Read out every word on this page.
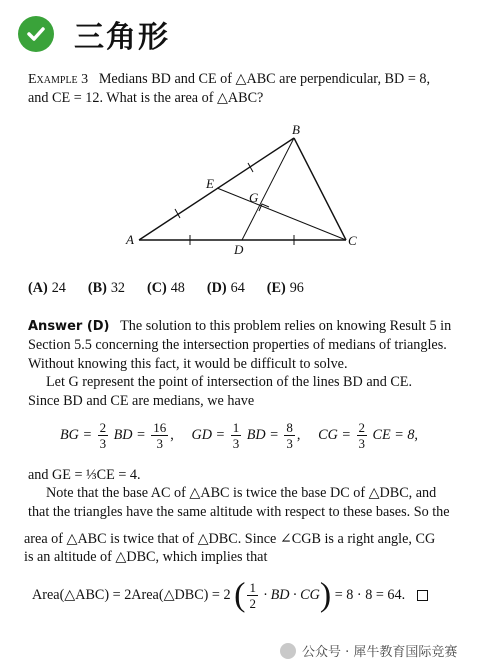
三角形
Example 3 Medians BD and CE of △ABC are perpendicular, BD = 8,
and CE = 12. What is the area of △ABC?
B
A	C
D
E
G
(A) 24 (B) 32 (C) 48 (D) 64 (E) 96
Answer (D) The solution to this problem relies on knowing Result 5 in
Section 5.5 concerning the intersection properties of medians of triangles.
Without knowing this fact, it would be difficult to solve.
Let G represent the point of intersection of the lines BD and CE.
Since BD and CE are medians, we have
BG = $\frac{2}{3}$ BD = $\frac{16}{3}$ , GD = $\frac{1}{3}$ BD = $\frac{8}{3}$ , CG = $\frac{2}{3}$ CE = 8,
and GE = ⅓CE = 4.
Note that the base AC of △ABC is twice the base DC of △DBC, and
that the triangles have the same altitude with respect to these bases. So the
area of △ABC is twice that of △DBC. Since ∠CGB is a right angle, CG
is an altitude of △DBC, which implies that
Area(△ABC) = 2Area(△DBC) = 2 ( $\frac{1}{2}$ · BD · CG) = 8 · 8 = 64.
公众号 · 犀牛教育国际竞赛
